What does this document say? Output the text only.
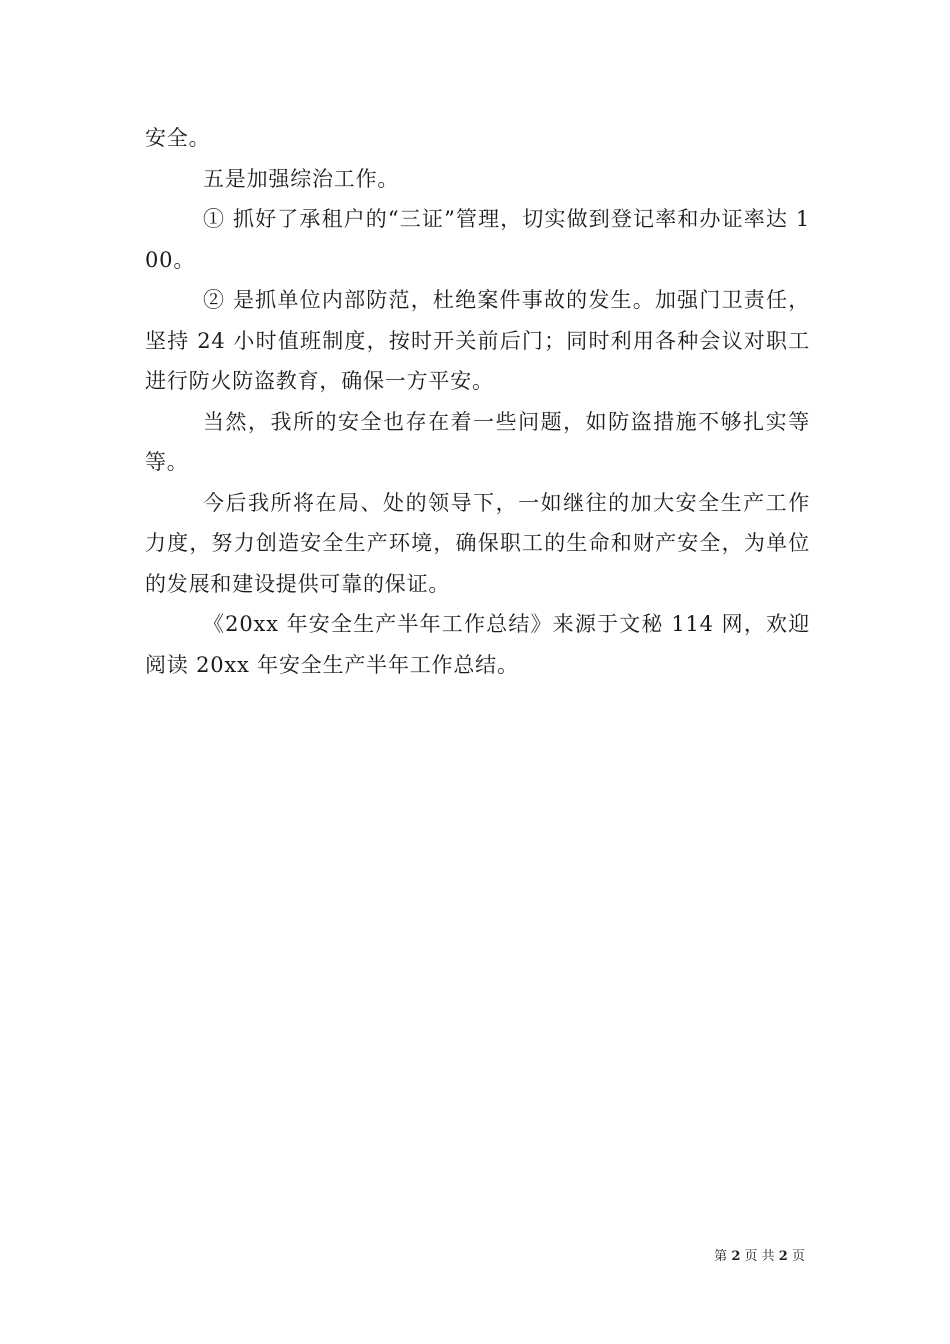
安全。

五是加强综治工作。

① 抓好了承租户的“三证”管理，切实做到登记率和办证率达 100。

② 是抓单位内部防范，杜绝案件事故的发生。加强门卫责任，坚持 24 小时值班制度，按时开关前后门；同时利用各种会议对职工进行防火防盗教育，确保一方平安。

当然，我所的安全也存在着一些问题，如防盗措施不够扎实等等。

今后我所将在局、处的领导下，一如继往的加大安全生产工作力度，努力创造安全生产环境，确保职工的生命和财产安全，为单位的发展和建设提供可靠的保证。

《20xx 年安全生产半年工作总结》来源于文秘 114 网，欢迎阅读 20xx 年安全生产半年工作总结。

第 2 页 共 2 页
